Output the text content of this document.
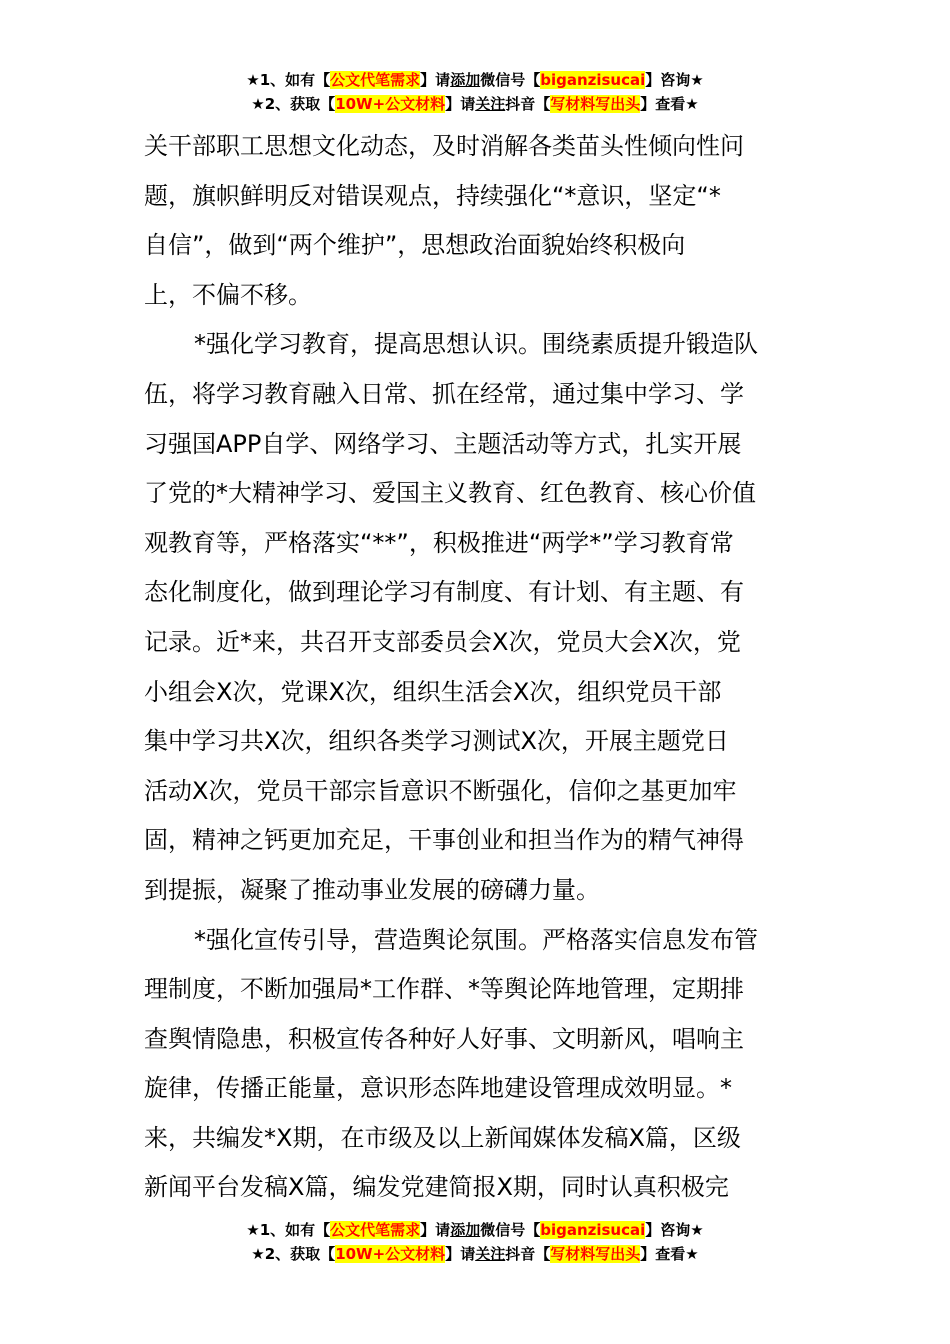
★1、如有【公文代笔需求】请添加微信号【biganzisucai】咨询★
★2、获取【10W+公文材料】请关注抖音【写材料写出头】查看★
关干部职工思想文化动态，及时消解各类苗头性倾向性问
题，旗帜鲜明反对错误观点，持续强化“*意识，坚定“*
自信”，做到“两个维护”，思想政治面貌始终积极向
上，不偏不移。
*强化学习教育，提高思想认识。围绕素质提升锻造队
伍，将学习教育融入日常、抓在经常，通过集中学习、学
习强国APP自学、网络学习、主题活动等方式，扎实开展
了党的*大精神学习、爱国主义教育、红色教育、核心价值
观教育等，严格落实“**”，积极推进“两学*”学习教育常
态化制度化，做到理论学习有制度、有计划、有主题、有
记录。近*来，共召开支部委员会X次，党员大会X次，党
小组会X次，党课X次，组织生活会X次，组织党员干部
集中学习共X次，组织各类学习测试X次，开展主题党日
活动X次，党员干部宗旨意识不断强化，信仰之基更加牢
固，精神之钙更加充足，干事创业和担当作为的精气神得
到提振，凝聚了推动事业发展的磅礴力量。
*强化宣传引导，营造舆论氛围。严格落实信息发布管
理制度，不断加强局*工作群、*等舆论阵地管理，定期排
查舆情隐患，积极宣传各种好人好事、文明新风，唱响主
旋律，传播正能量，意识形态阵地建设管理成效明显。*
来，共编发*X期，在市级及以上新闻媒体发稿X篇，区级
新闻平台发稿X篇，编发党建简报X期，同时认真积极完
★1、如有【公文代笔需求】请添加微信号【biganzisucai】咨询★
★2、获取【10W+公文材料】请关注抖音【写材料写出头】查看★
